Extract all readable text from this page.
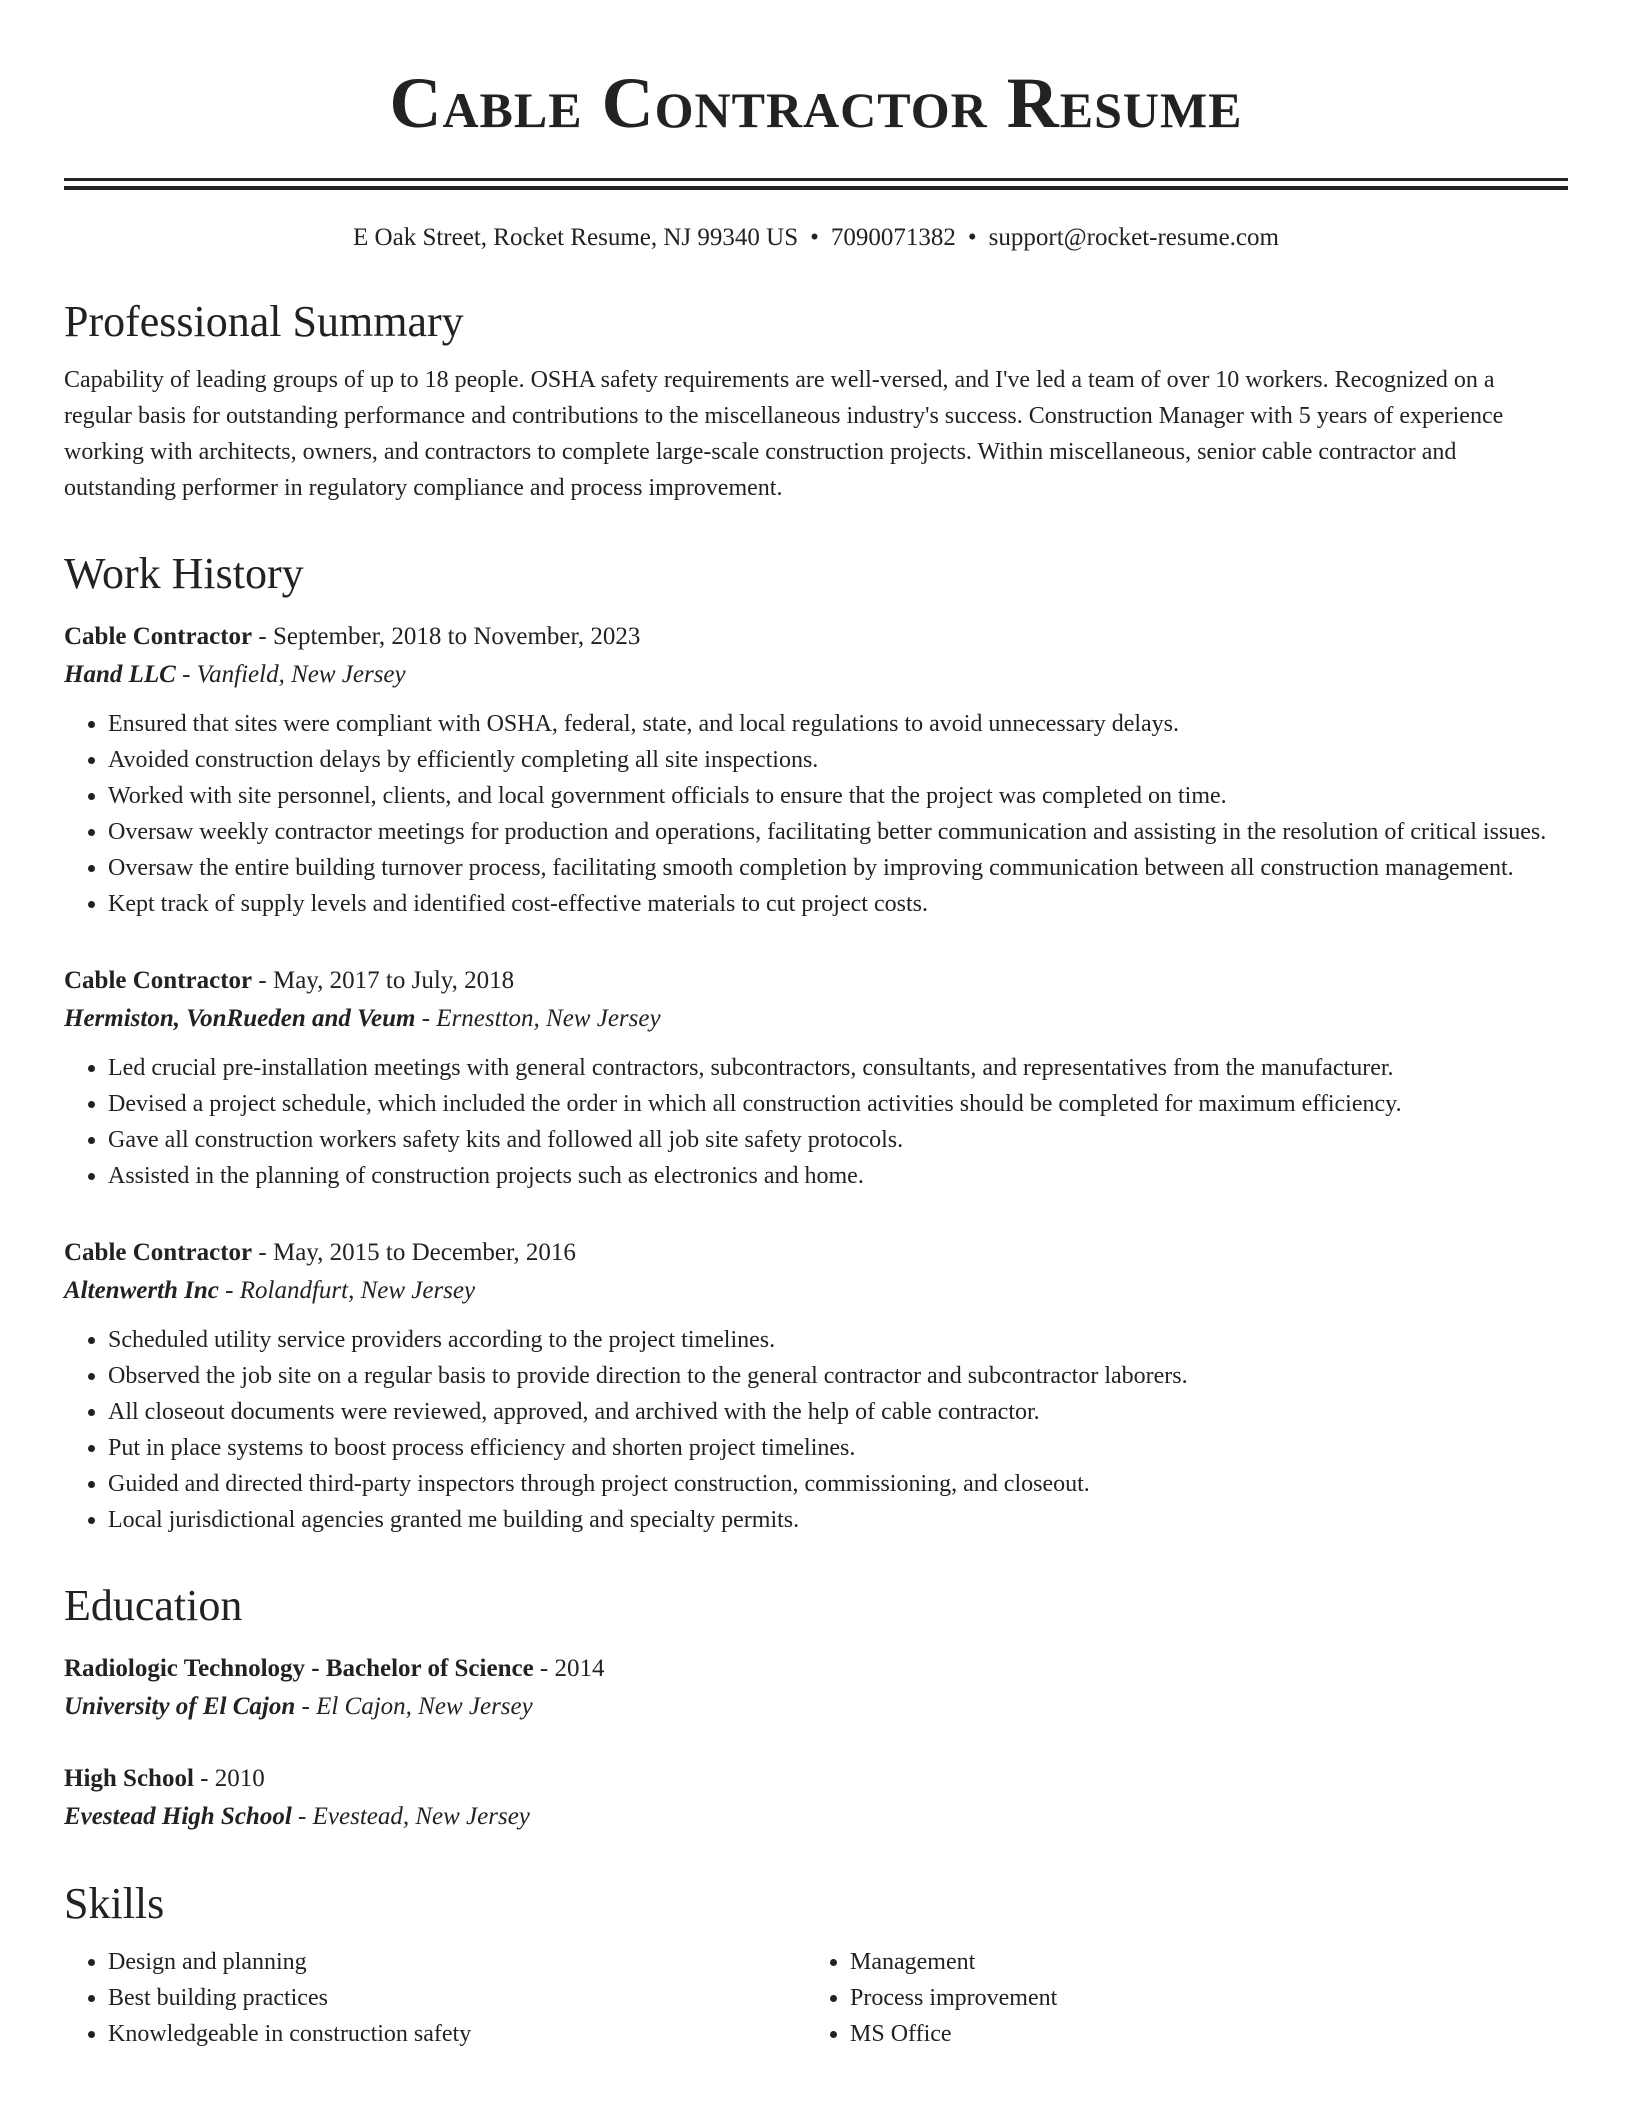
Cable Contractor Resume
E Oak Street, Rocket Resume, NJ 99340 US • 7090071382 • support@rocket-resume.com
Professional Summary

Capability of leading groups of up to 18 people. OSHA safety requirements are well-versed, and I've led a team of over 10 workers. Recognized on a regular basis for outstanding performance and contributions to the miscellaneous industry's success. Construction Manager with 5 years of experience working with architects, owners, and contractors to complete large-scale construction projects. Within miscellaneous, senior cable contractor and outstanding performer in regulatory compliance and process improvement.

Work History
Cable Contractor - September, 2018 to November, 2023
Hand LLC - Vanfield, New Jersey
• Ensured that sites were compliant with OSHA, federal, state, and local regulations to avoid unnecessary delays.
• Avoided construction delays by efficiently completing all site inspections.
• Worked with site personnel, clients, and local government officials to ensure that the project was completed on time.
• Oversaw weekly contractor meetings for production and operations, facilitating better communication and assisting in the resolution of critical issues.
• Oversaw the entire building turnover process, facilitating smooth completion by improving communication between all construction management.
• Kept track of supply levels and identified cost-effective materials to cut project costs.
Cable Contractor - May, 2017 to July, 2018
Hermiston, VonRueden and Veum - Ernestton, New Jersey
• Led crucial pre-installation meetings with general contractors, subcontractors, consultants, and representatives from the manufacturer.
• Devised a project schedule, which included the order in which all construction activities should be completed for maximum efficiency.
• Gave all construction workers safety kits and followed all job site safety protocols.
• Assisted in the planning of construction projects such as electronics and home.
Cable Contractor - May, 2015 to December, 2016
Altenwerth Inc - Rolandfurt, New Jersey
• Scheduled utility service providers according to the project timelines.
• Observed the job site on a regular basis to provide direction to the general contractor and subcontractor laborers.
• All closeout documents were reviewed, approved, and archived with the help of cable contractor.
• Put in place systems to boost process efficiency and shorten project timelines.
• Guided and directed third-party inspectors through project construction, commissioning, and closeout.
• Local jurisdictional agencies granted me building and specialty permits.
Education
Radiologic Technology - Bachelor of Science - 2014
University of El Cajon - El Cajon, New Jersey
High School - 2010
Evestead High School - Evestead, New Jersey
Skills
• Design and planning
• Best building practices
• Knowledgeable in construction safety
• Management
• Process improvement
• MS Office
